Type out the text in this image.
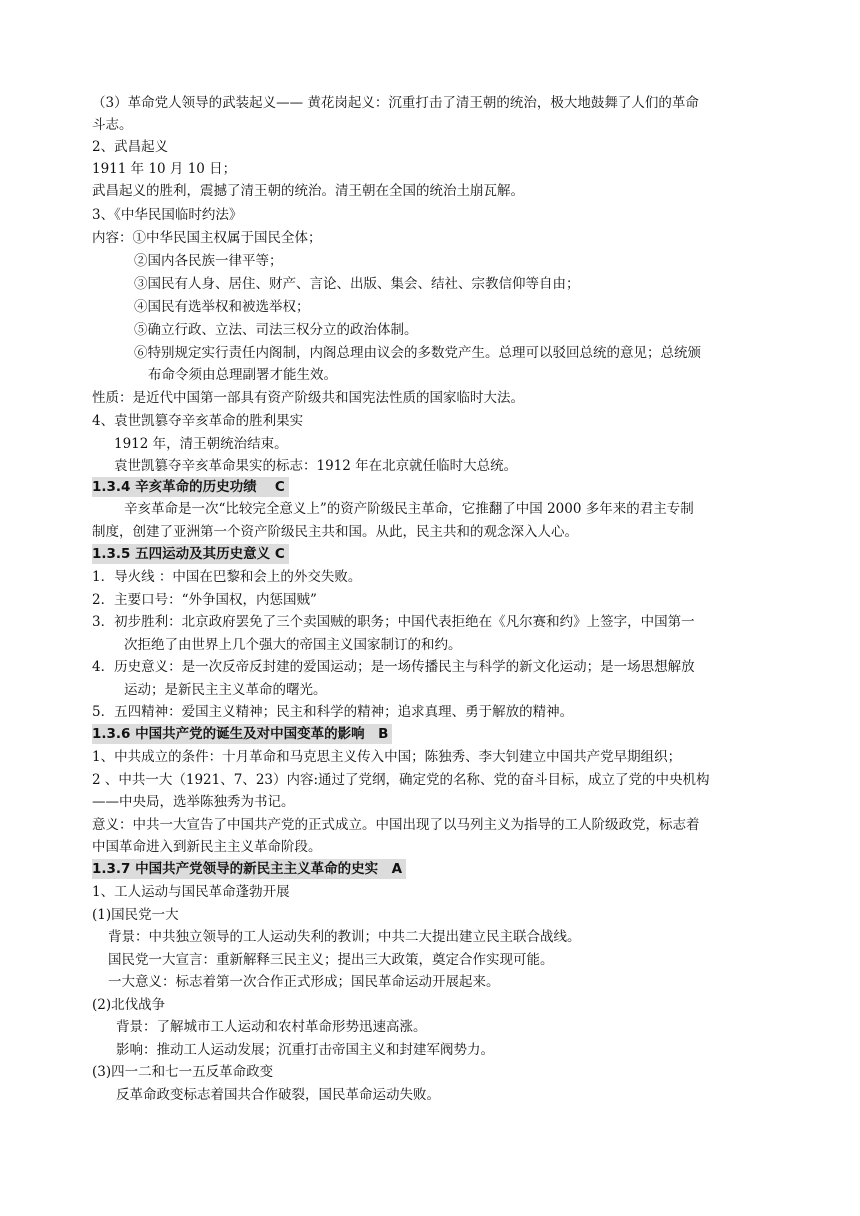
（3）革命党人领导的武装起义—— 黄花岗起义：沉重打击了清王朝的统治，极大地鼓舞了人们的革命
斗志。
2、武昌起义
1911 年 10 月 10 日；
武昌起义的胜利，震撼了清王朝的统治。清王朝在全国的统治土崩瓦解。
3、《中华民国临时约法》
内容：①中华民国主权属于国民全体；
②国内各民族一律平等；
③国民有人身、居住、财产、言论、出版、集会、结社、宗教信仰等自由；
④国民有选举权和被选举权；
⑤确立行政、立法、司法三权分立的政治体制。
⑥特别规定实行责任内阁制，内阁总理由议会的多数党产生。总理可以驳回总统的意见；总统颁
布命令须由总理副署才能生效。
性质：是近代中国第一部具有资产阶级共和国宪法性质的国家临时大法。
4、袁世凯篡夺辛亥革命的胜利果实
1912 年，清王朝统治结束。
袁世凯篡夺辛亥革命果实的标志：1912 年在北京就任临时大总统。
1.3.4 辛亥革命的历史功绩　 C
辛亥革命是一次“比较完全意义上”的资产阶级民主革命，它推翻了中国 2000 多年来的君主专制
制度，创建了亚洲第一个资产阶级民主共和国。从此，民主共和的观念深入人心。
1.3.5 五四运动及其历史意义 C
1．导火线 ：中国在巴黎和会上的外交失败。
2．主要口号：“外争国权，内惩国贼”
3．初步胜利：北京政府罢免了三个卖国贼的职务；中国代表拒绝在《凡尔赛和约》上签字，中国第一
次拒绝了由世界上几个强大的帝国主义国家制订的和约。
4．历史意义：是一次反帝反封建的爱国运动；是一场传播民主与科学的新文化运动；是一场思想解放
运动；是新民主主义革命的曙光。
5．五四精神：爱国主义精神；民主和科学的精神；追求真理、勇于解放的精神。
1.3.6 中国共产党的诞生及对中国变革的影响　B
1、中共成立的条件：十月革命和马克思主义传入中国；陈独秀、李大钊建立中国共产党早期组织；
2 、中共一大（1921、7、23）内容:通过了党纲，确定党的名称、党的奋斗目标，成立了党的中央机构
——中央局，选举陈独秀为书记。
意义：中共一大宣告了中国共产党的正式成立。中国出现了以马列主义为指导的工人阶级政党，标志着
中国革命进入到新民主主义革命阶段。
1.3.7 中国共产党领导的新民主主义革命的史实　A
1、工人运动与国民革命蓬勃开展
(1)国民党一大
背景：中共独立领导的工人运动失利的教训；中共二大提出建立民主联合战线。
国民党一大宣言：重新解释三民主义；提出三大政策，奠定合作实现可能。
一大意义：标志着第一次合作正式形成；国民革命运动开展起来。
(2)北伐战争
背景：了解城市工人运动和农村革命形势迅速高涨。
影响：推动工人运动发展；沉重打击帝国主义和封建军阀势力。
(3)四一二和七一五反革命政变
反革命政变标志着国共合作破裂，国民革命运动失败。
